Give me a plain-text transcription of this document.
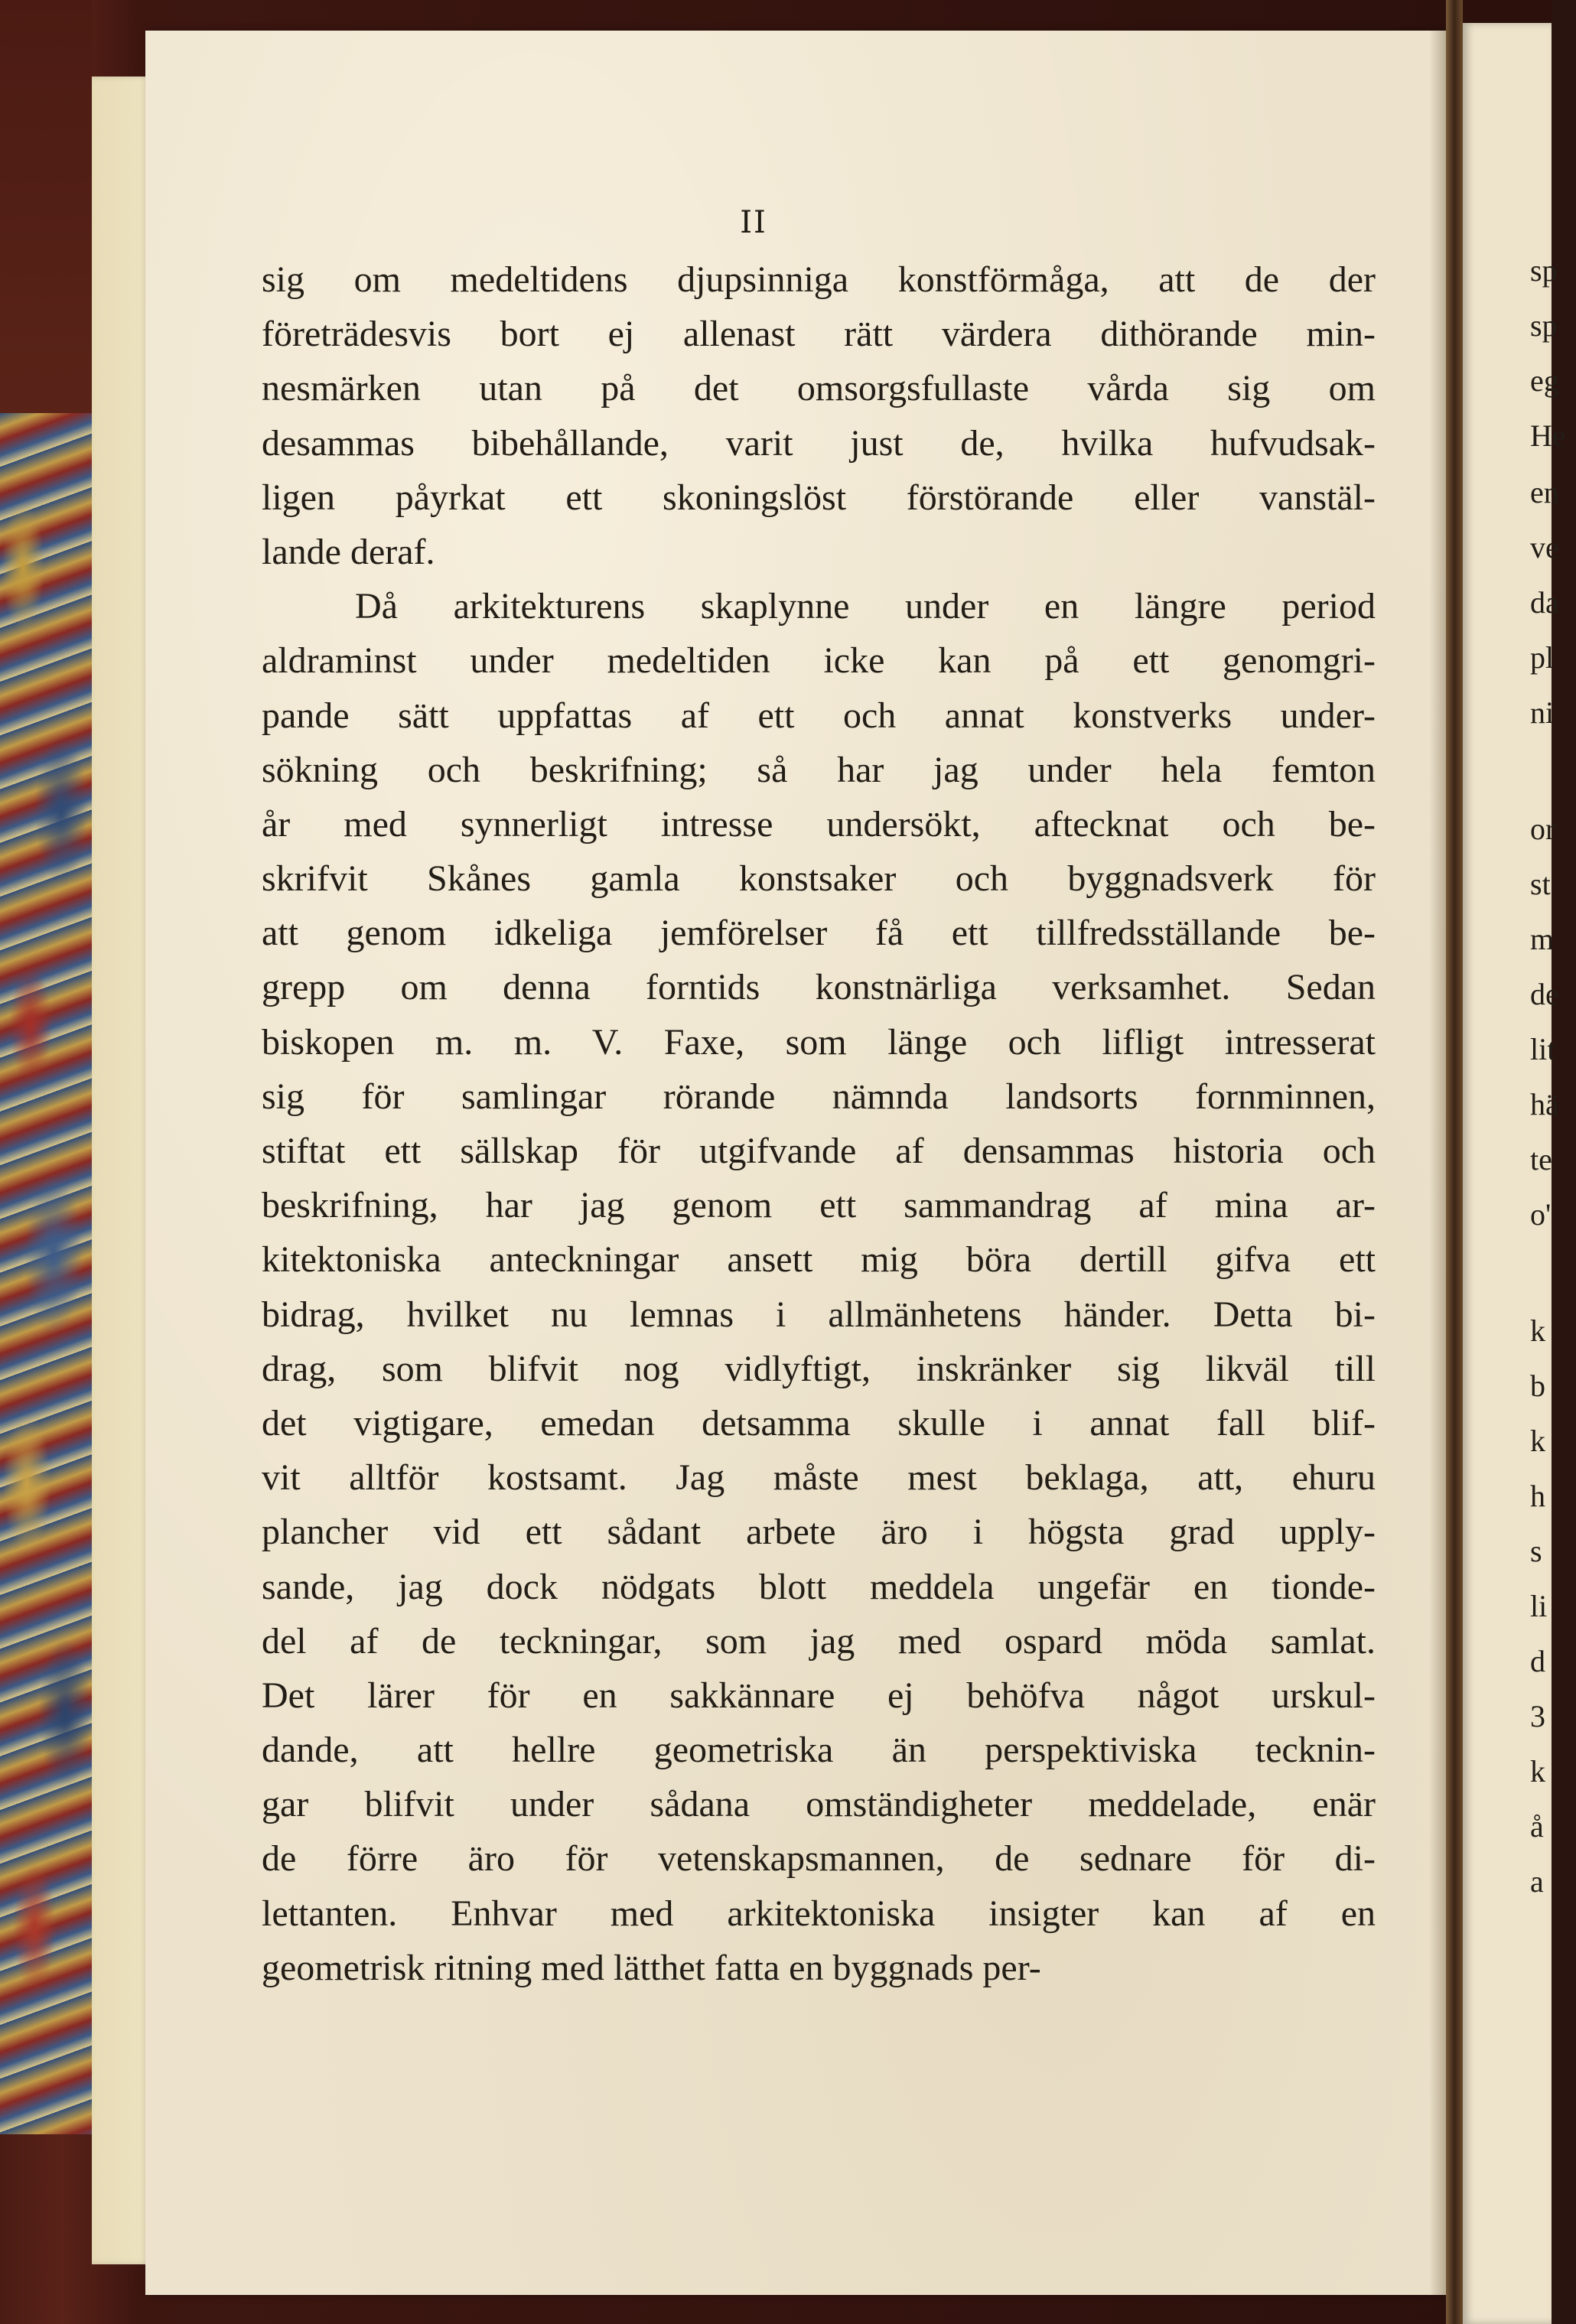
II
sig om medeltidens djupsinniga konstförmåga, att de der
företrädesvis bort ej allenast rätt värdera dithörande min-
nesmärken utan på det omsorgsfullaste vårda sig om
desammas bibehållande, varit just de, hvilka hufvudsak-
ligen påyrkat ett skoningslöst förstörande eller vanstäl-
lande deraf.
Då arkitekturens skaplynne under en längre period
aldraminst under medeltiden icke kan på ett genomgri-
pande sätt uppfattas af ett och annat konstverks under-
sökning och beskrifning; så har jag under hela femton
år med synnerligt intresse undersökt, aftecknat och be-
skrifvit Skånes gamla konstsaker och byggnadsverk för
att genom idkeliga jemförelser få ett tillfredsställande be-
grepp om denna forntids konstnärliga verksamhet. Sedan
biskopen m. m. V. Faxe, som länge och lifligt intresserat
sig för samlingar rörande nämnda landsorts fornminnen,
stiftat ett sällskap för utgifvande af densammas historia och
beskrifning, har jag genom ett sammandrag af mina ar-
kitektoniska anteckningar ansett mig böra dertill gifva ett
bidrag, hvilket nu lemnas i allmänhetens händer. Detta bi-
drag, som blifvit nog vidlyftigt, inskränker sig likväl till
det vigtigare, emedan detsamma skulle i annat fall blif-
vit alltför kostsamt. Jag måste mest beklaga, att, ehuru
plancher vid ett sådant arbete äro i högsta grad upply-
sande, jag dock nödgats blott meddela ungefär en tionde-
del af de teckningar, som jag med ospard möda samlat.
Det lärer för en sakkännare ej behöfva något urskul-
dande, att hellre geometriska än perspektiviska tecknin-
gar blifvit under sådana omständigheter meddelade, enär
de förre äro för vetenskapsmannen, de sednare för di-
lettanten. Enhvar med arkitektoniska insigter kan af en
geometrisk ritning med lätthet fatta en byggnads per-
sp
sp
eg
He
en
ve
da
pl
ni
or
st
m
de
lit
hä
te
o'
k
b
k
h
s
li
d
3
k
å
a
